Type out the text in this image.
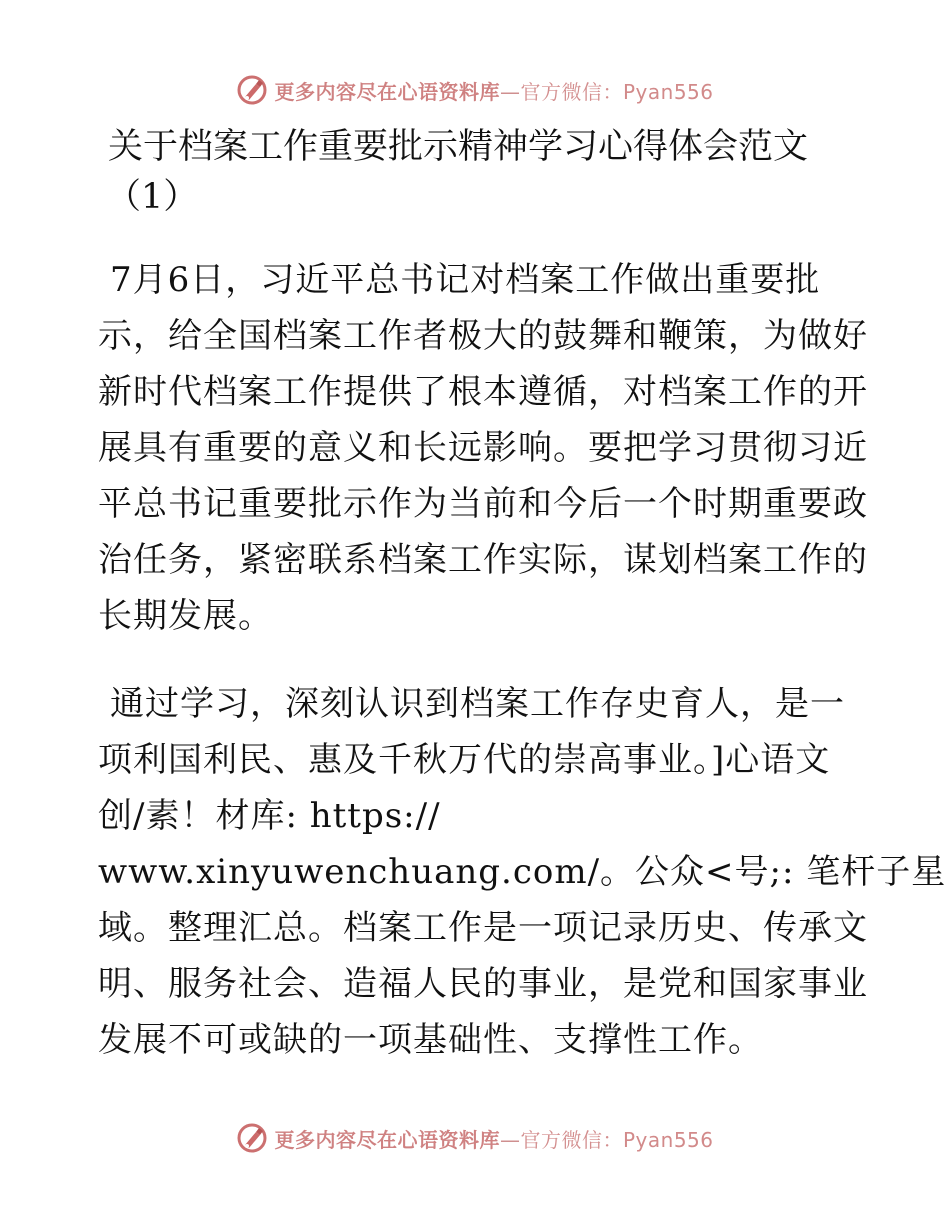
更多内容尽在心语资料库—官方微信：Pyan556
关于档案工作重要批示精神学习心得体会范文
（1）

7月6日，习近平总书记对档案工作做出重要批
示，给全国档案工作者极大的鼓舞和鞭策，为做好
新时代档案工作提供了根本遵循，对档案工作的开
展具有重要的意义和长远影响。要把学习贯彻习近
平总书记重要批示作为当前和今后一个时期重要政
治任务，紧密联系档案工作实际，谋划档案工作的
长期发展。

通过学习，深刻认识到档案工作存史育人，是一
项利国利民、惠及千秋万代的崇高事业。]心语文
创/素！材库: https://
www.xinyuwenchuang.com/。公众<号;: 笔杆子星
域。整理汇总。档案工作是一项记录历史、传承文
明、服务社会、造福人民的事业，是党和国家事业
发展不可或缺的一项基础性、支撑性工作。

更多内容尽在心语资料库—官方微信：Pyan556
